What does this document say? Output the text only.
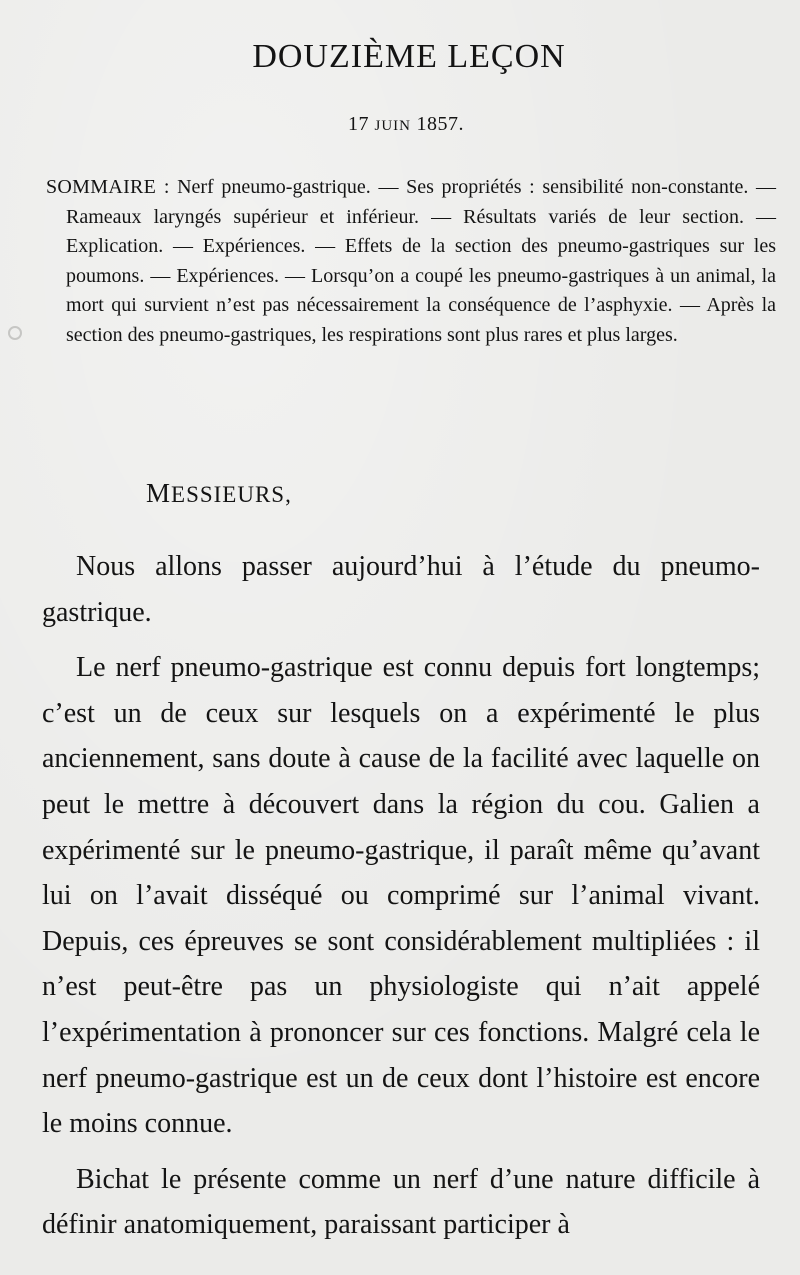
DOUZIÈME LEÇON
17 JUIN 1857.

SOMMAIRE : Nerf pneumo-gastrique. — Ses propriétés : sensibilité non-constante. — Rameaux laryngés supérieur et inférieur. — Résultats variés de leur section. — Explication. — Expériences. — Effets de la section des pneumo-gastriques sur les poumons. — Expériences. — Lorsqu’on a coupé les pneumo-gastriques à un animal, la mort qui survient n’est pas nécessairement la conséquence de l’asphyxie. — Après la section des pneumo-gastriques, les respirations sont plus rares et plus larges.

MESSIEURS,

Nous allons passer aujourd’hui à l’étude du pneumo-gastrique.

Le nerf pneumo-gastrique est connu depuis fort longtemps; c’est un de ceux sur lesquels on a expérimenté le plus anciennement, sans doute à cause de la facilité avec laquelle on peut le mettre à découvert dans la région du cou. Galien a expérimenté sur le pneumo-gastrique, il paraît même qu’avant lui on l’avait disséqué ou comprimé sur l’animal vivant. Depuis, ces épreuves se sont considérablement multipliées : il n’est peut-être pas un physiologiste qui n’ait appelé l’expérimentation à prononcer sur ces fonctions. Malgré cela le nerf pneumo-gastrique est un de ceux dont l’histoire est encore le moins connue.

Bichat le présente comme un nerf d’une nature difficile à définir anatomiquement, paraissant participer à
